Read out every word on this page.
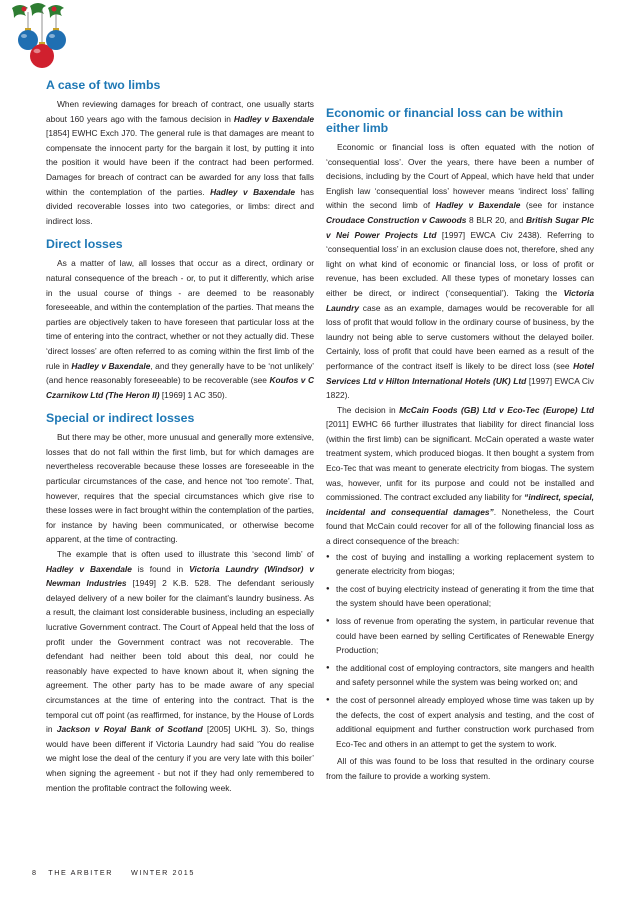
A case of two limbs

When reviewing damages for breach of contract, one usually starts about 160 years ago with the famous decision in Hadley v Baxendale [1854] EWHC Exch J70. The general rule is that damages are meant to compensate the innocent party for the bargain it lost, by putting it into the position it would have been if the contract had been performed. Damages for breach of contract can be awarded for any loss that falls within the contemplation of the parties. Hadley v Baxendale has divided recoverable losses into two categories, or limbs: direct and indirect loss.

Direct losses

As a matter of law, all losses that occur as a direct, ordinary or natural consequence of the breach - or, to put it differently, which arise in the usual course of things - are deemed to be reasonably foreseeable, and within the contemplation of the parties. That means the parties are objectively taken to have foreseen that particular loss at the time of entering into the contract, whether or not they actually did. These ‘direct losses’ are often referred to as coming within the first limb of the rule in Hadley v Baxendale, and they generally have to be ‘not unlikely’ (and hence reasonably foreseeable) to be recoverable (see Koufos v C Czarnikow Ltd (The Heron II) [1969] 1 AC 350).

Special or indirect losses

But there may be other, more unusual and generally more extensive, losses that do not fall within the first limb, but for which damages are nevertheless recoverable because these losses are foreseeable in the particular circumstances of the case, and hence not ‘too remote’. That, however, requires that the special circumstances which give rise to these losses were in fact brought within the contemplation of the parties, for instance by having been communicated, or otherwise become apparent, at the time of contracting.

The example that is often used to illustrate this ‘second limb’ of Hadley v Baxendale is found in Victoria Laundry (Windsor) v Newman Industries [1949] 2 K.B. 528. The defendant seriously delayed delivery of a new boiler for the claimant’s laundry business. As a result, the claimant lost considerable business, including an especially lucrative Government contract. The Court of Appeal held that the loss of profit under the Government contract was not recoverable. The defendant had neither been told about this deal, nor could he reasonably have expected to have known about it, when signing the agreement. The other party has to be made aware of any special circumstances at the time of entering into the contract. That is the temporal cut off point (as reaffirmed, for instance, by the House of Lords in Jackson v Royal Bank of Scotland [2005] UKHL 3). So, things would have been different if Victoria Laundry had said ‘You do realise we might lose the deal of the century if you are very late with this boiler’ when signing the agreement - but not if they had only remembered to mention the profitable contract the following week.

Economic or financial loss can be within either limb

Economic or financial loss is often equated with the notion of ‘consequential loss’. Over the years, there have been a number of decisions, including by the Court of Appeal, which have held that under English law ‘consequential loss’ however means ‘indirect loss’ falling within the second limb of Hadley v Baxendale (see for instance Croudace Construction v Cawoods 8 BLR 20, and British Sugar Plc v Nei Power Projects Ltd [1997] EWCA Civ 2438). Referring to ‘consequential loss’ in an exclusion clause does not, therefore, shed any light on what kind of economic or financial loss, or loss of profit or revenue, has been excluded. All these types of monetary losses can either be direct, or indirect (‘consequential’). Taking the Victoria Laundry case as an example, damages would be recoverable for all loss of profit that would follow in the ordinary course of business, by the laundry not being able to serve customers without the delayed boiler. Certainly, loss of profit that could have been earned as a result of the performance of the contract itself is likely to be direct loss (see Hotel Services Ltd v Hilton International Hotels (UK) Ltd [1997] EWCA Civ 1822).

The decision in McCain Foods (GB) Ltd v Eco-Tec (Europe) Ltd [2011] EWHC 66 further illustrates that liability for direct financial loss (within the first limb) can be significant. McCain operated a waste water treatment system, which produced biogas. It then bought a system from Eco-Tec that was meant to generate electricity from biogas. The system was, however, unfit for its purpose and could not be installed and commissioned. The contract excluded any liability for “indirect, special, incidental and consequential damages”. Nonetheless, the Court found that McCain could recover for all of the following financial loss as a direct consequence of the breach:

● the cost of buying and installing a working replacement system to generate electricity from biogas;
● the cost of buying electricity instead of generating it from the time that the system should have been operational;
● loss of revenue from operating the system, in particular revenue that could have been earned by selling Certificates of Renewable Energy Production;
● the additional cost of employing contractors, site mangers and health and safety personnel while the system was being worked on; and
● the cost of personnel already employed whose time was taken up by the defects, the cost of expert analysis and testing, and the cost of additional equipment and further construction work purchased from Eco-Tec and others in an attempt to get the system to work.

All of this was found to be loss that resulted in the ordinary course from the failure to provide a working system.

8 THE ARBITER	WINTER 2015
